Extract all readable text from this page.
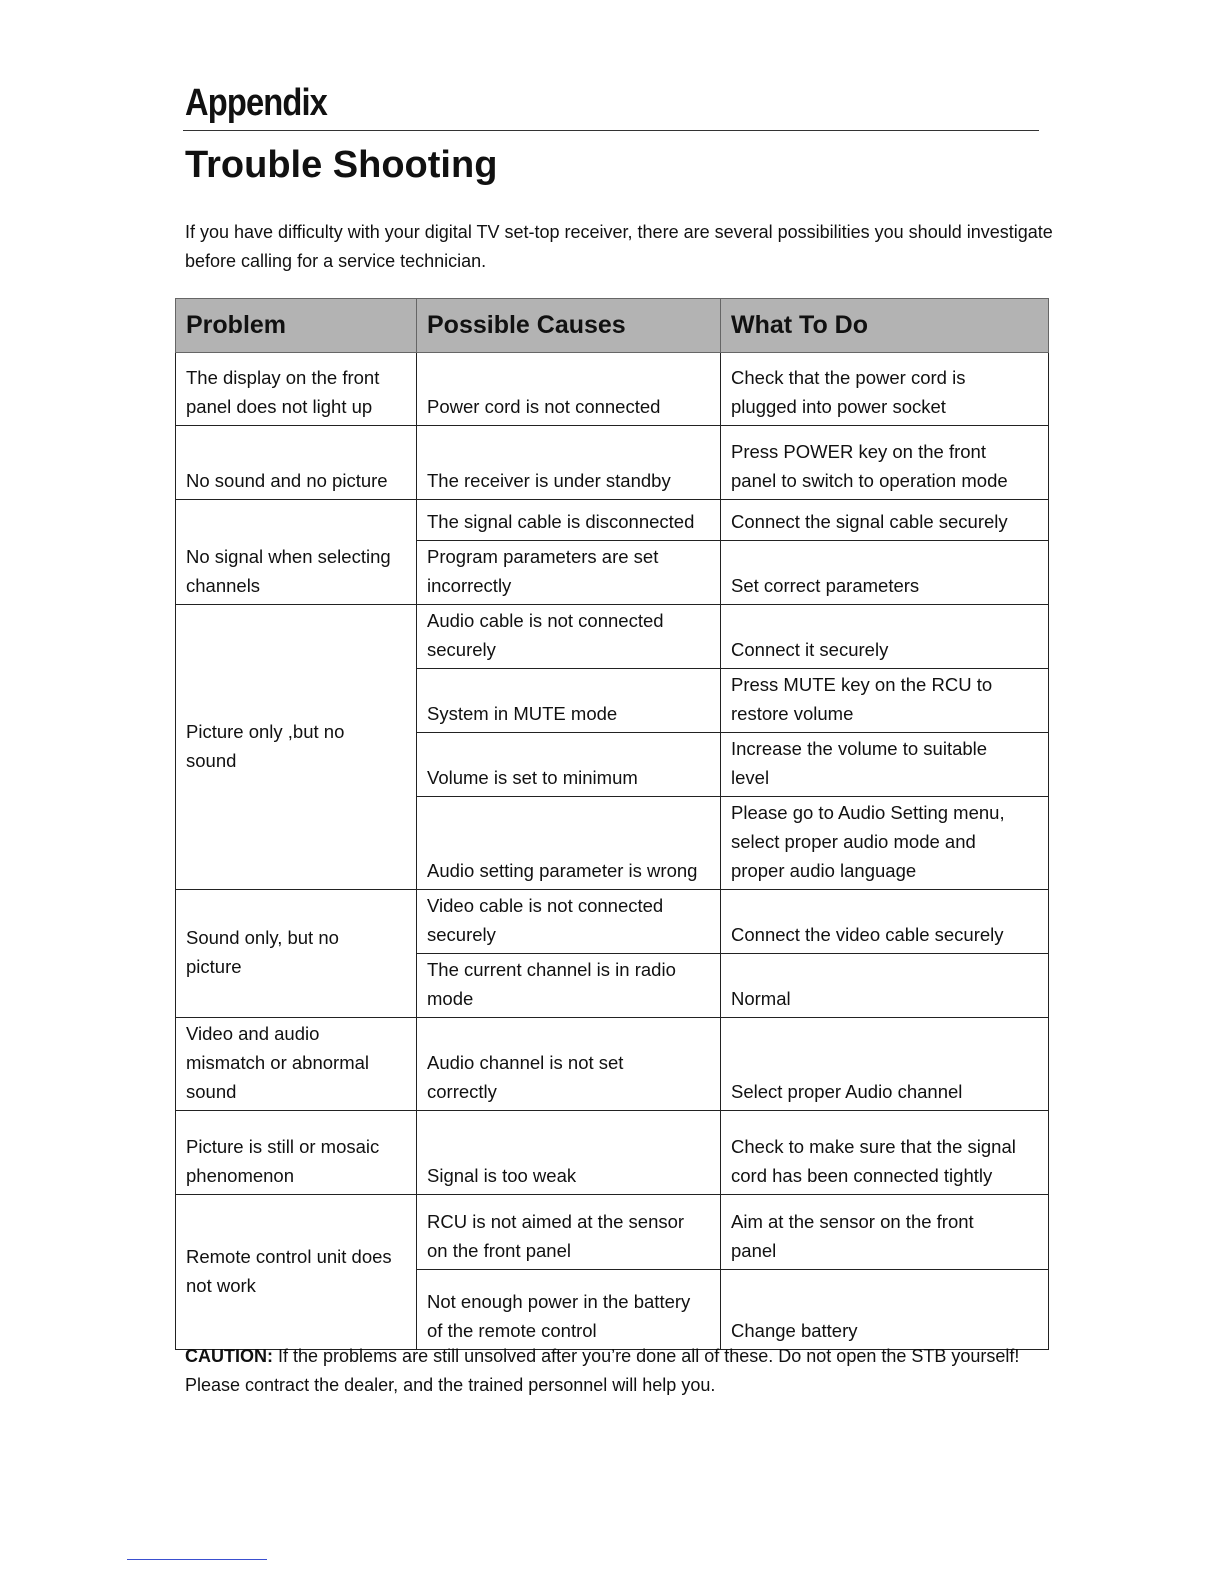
Appendix
Trouble Shooting

If you have difficulty with your digital TV set-top receiver, there are several possibilities you should investigate before calling for a service technician.

Problem	Possible Causes	What To Do
The display on the front
panel does not light up	Power cord is not connected	Check that the power cord is
plugged into power socket
No sound and no picture	The receiver is under standby	Press POWER key on the front
panel to switch to operation mode
No signal when selecting
channels	The signal cable is disconnected	Connect the signal cable securely
	Program parameters are set
incorrectly	Set correct parameters
Picture only ,but no
sound	Audio cable is not connected
securely	Connect it securely
	System in MUTE mode	Press MUTE key on the RCU to
restore volume
	Volume is set to minimum	Increase the volume to suitable
level
	Audio setting parameter is wrong	Please go to Audio Setting menu,
select proper audio mode and
proper audio language
Sound only, but no
picture	Video cable is not connected
securely	Connect the video cable securely
	The current channel is in radio
mode	Normal
Video and audio
mismatch or abnormal
sound	Audio channel is not set
correctly	Select proper Audio channel
Picture is still or mosaic
phenomenon	Signal is too weak	Check to make sure that the signal
cord has been connected tightly
Remote control unit does
not work	RCU is not aimed at the sensor
on the front panel	Aim at the sensor on the front
panel
	Not enough power in the battery
of the remote control	Change battery

CAUTION: If the problems are still unsolved after you’re done all of these. Do not open the STB yourself! Please contract the dealer, and the trained personnel will help you.
